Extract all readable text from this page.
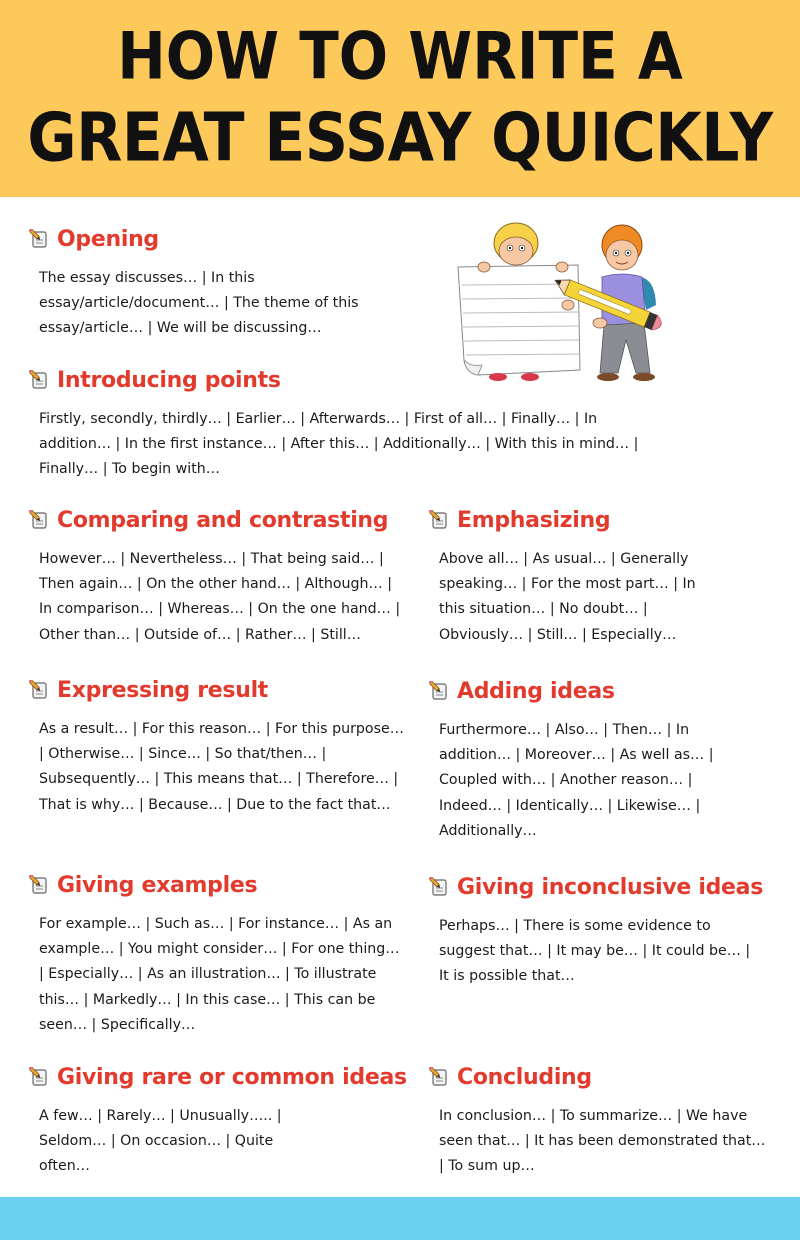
HOW TO WRITE A
GREAT ESSAY QUICKLY
Opening
The essay discusses… | In this essay/article/document… | The theme of this essay/article… | We will be discussing…
Introducing points
Firstly, secondly, thirdly… | Earlier… | Afterwards… | First of all… | Finally… | In addition… | In the first instance… | After this… | Additionally… | With this in mind… | Finally… | To begin with…
Comparing and contrasting
However… | Nevertheless… | That being said… | Then again… | On the other hand… | Although… | In comparison… | Whereas… | On the one hand… | Other than… | Outside of… | Rather… | Still…
Emphasizing
Above all… | As usual… | Generally speaking… | For the most part… | In this situation… | No doubt… | Obviously… | Still… | Especially…
Expressing result
As a result… | For this reason… | For this purpose… | Otherwise… | Since… | So that/then… | Subsequently… | This means that… | Therefore… | That is why… | Because… | Due to the fact that…
Adding ideas
Furthermore… | Also… | Then… | In addition… | Moreover… | As well as… | Coupled with… | Another reason… | Indeed… | Identically… | Likewise… | Additionally…
Giving examples
For example… | Such as… | For instance… | As an example… | You might consider… | For one thing… | Especially… | As an illustration… | To illustrate this… | Markedly… | In this case… | This can be seen… | Specifically…
Giving inconclusive ideas
Perhaps… | There is some evidence to suggest that… | It may be… | It could be… | It is possible that…
Giving rare or common ideas
A few… | Rarely… | Unusually….. | Seldom… | On occasion… | Quite often…
Concluding
In conclusion… | To summarize… | We have seen that… | It has been demonstrated that… | To sum up…
